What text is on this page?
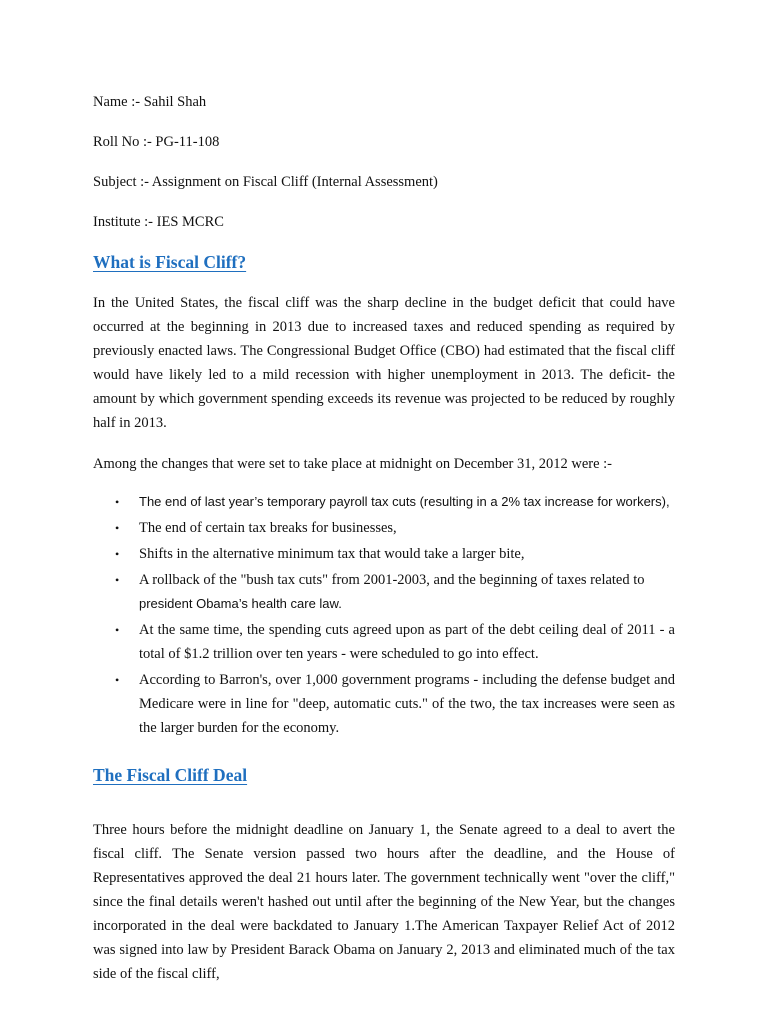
Name :- Sahil Shah
Roll No :- PG-11-108
Subject :- Assignment on Fiscal Cliff (Internal Assessment)
Institute :- IES MCRC
What is Fiscal Cliff?

In the United States, the fiscal cliff was the sharp decline in the budget deficit that could have occurred at the beginning in 2013 due to increased taxes and reduced spending as required by previously enacted laws. The Congressional Budget Office (CBO) had estimated that the fiscal cliff would have likely led to a mild recession with higher unemployment in 2013. The deficit- the amount by which government spending exceeds its revenue was projected to be reduced by roughly half in 2013.

Among the changes that were set to take place at midnight on December 31, 2012 were :-
• The end of last year’s temporary payroll tax cuts (resulting in a 2% tax increase for workers),
• The end of certain tax breaks for businesses,
• Shifts in the alternative minimum tax that would take a larger bite,
• A rollback of the "bush tax cuts" from 2001-2003, and the beginning of taxes related to
president Obama’s health care law.
• At the same time, the spending cuts agreed upon as part of the debt ceiling deal of 2011 - a total of $1.2 trillion over ten years - were scheduled to go into effect.
• According to Barron's, over 1,000 government programs - including the defense budget and Medicare were in line for "deep, automatic cuts." of the two, the tax increases were seen as the larger burden for the economy.
The Fiscal Cliff Deal

Three hours before the midnight deadline on January 1, the Senate agreed to a deal to avert the fiscal cliff. The Senate version passed two hours after the deadline, and the House of Representatives approved the deal 21 hours later. The government technically went "over the cliff," since the final details weren't hashed out until after the beginning of the New Year, but the changes incorporated in the deal were backdated to January 1.The American Taxpayer Relief Act of 2012 was signed into law by President Barack Obama on January 2, 2013 and eliminated much of the tax side of the fiscal cliff,
